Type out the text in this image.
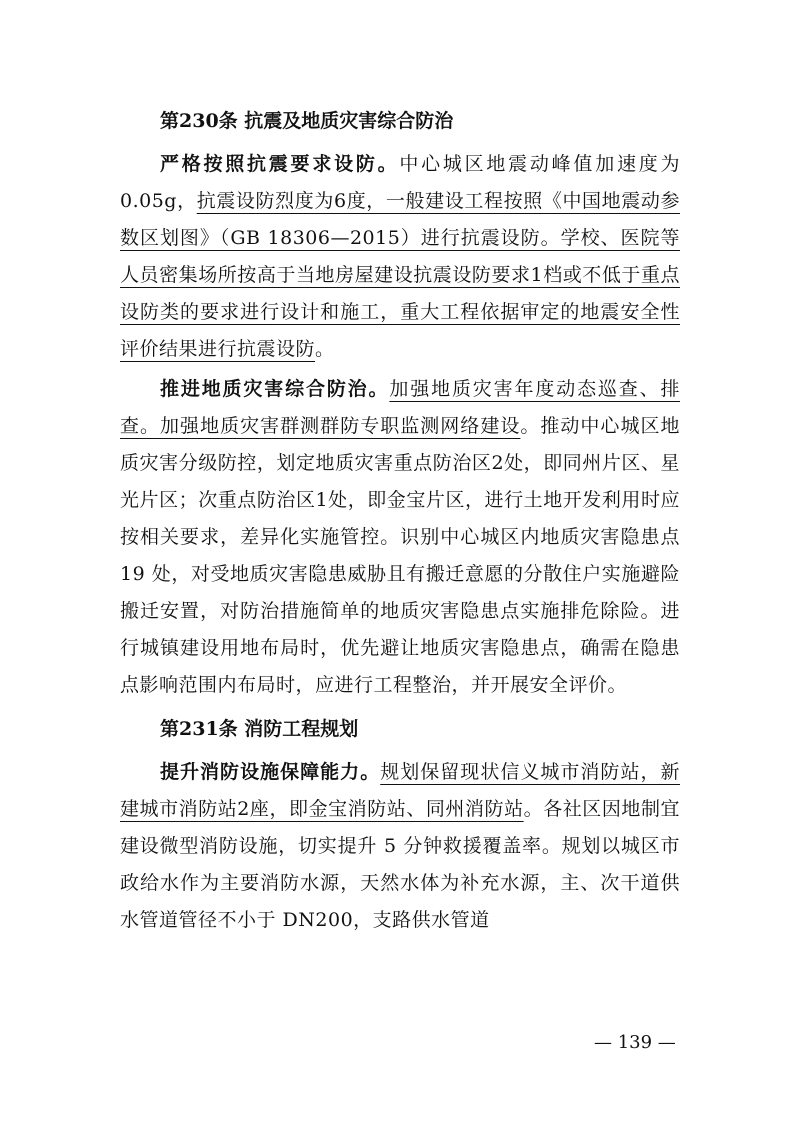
第230条 抗震及地质灾害综合防治

严格按照抗震要求设防。中心城区地震动峰值加速度为0.05g，抗震设防烈度为6度，一般建设工程按照《中国地震动参数区划图》（GB 18306—2015）进行抗震设防。学校、医院等人员密集场所按高于当地房屋建设抗震设防要求1档或不低于重点设防类的要求进行设计和施工，重大工程依据审定的地震安全性评价结果进行抗震设防。

推进地质灾害综合防治。加强地质灾害年度动态巡查、排查。加强地质灾害群测群防专职监测网络建设。推动中心城区地质灾害分级防控，划定地质灾害重点防治区2处，即同州片区、星光片区；次重点防治区1处，即金宝片区，进行土地开发利用时应按相关要求，差异化实施管控。识别中心城区内地质灾害隐患点 19 处，对受地质灾害隐患威胁且有搬迁意愿的分散住户实施避险搬迁安置，对防治措施简单的地质灾害隐患点实施排危除险。进行城镇建设用地布局时，优先避让地质灾害隐患点，确需在隐患点影响范围内布局时，应进行工程整治，并开展安全评价。

第231条 消防工程规划

提升消防设施保障能力。规划保留现状信义城市消防站，新建城市消防站2座，即金宝消防站、同州消防站。各社区因地制宜建设微型消防设施，切实提升 5 分钟救援覆盖率。规划以城区市政给水作为主要消防水源，天然水体为补充水源，主、次干道供水管道管径不小于 DN200，支路供水管道

— 139 —
